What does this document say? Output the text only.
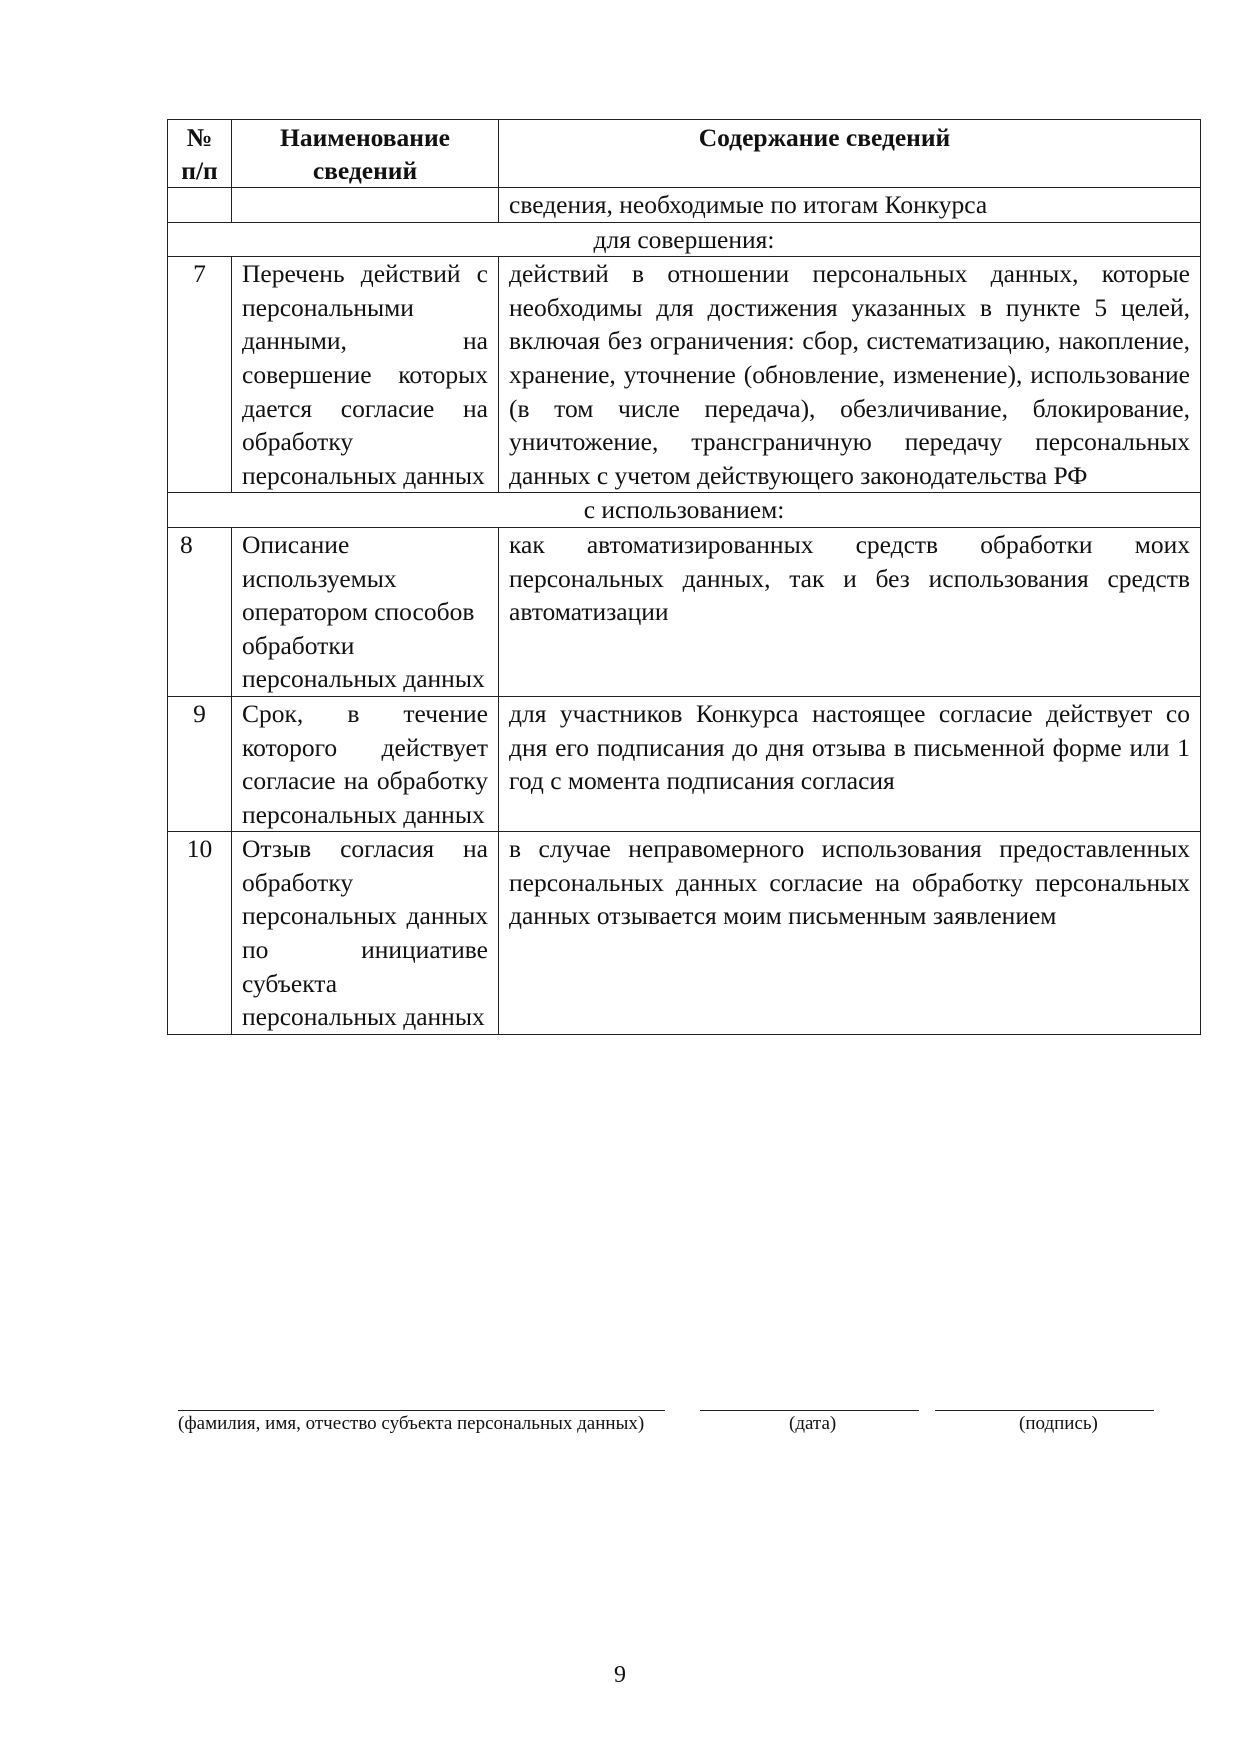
№ п/п	Наименование сведений	Содержание сведений
		сведения, необходимые по итогам Конкурса
для совершения:		
7	Перечень действий с персональными данными, на совершение которых дается согласие на обработку персональных данных	действий в отношении персональных данных, которые необходимы для достижения указанных в пункте 5 целей, включая без ограничения: сбор, систематизацию, накопление, хранение, уточнение (обновление, изменение), использование (в том числе передача), обезличивание, блокирование, уничтожение, трансграничную передачу персональных данных с учетом действующего законодательства РФ
с использованием:		
8	Описание используемых оператором способов обработки персональных данных	как автоматизированных средств обработки моих персональных данных, так и без использования средств автоматизации
9	Срок, в течение которого действует согласие на обработку персональных данных	для участников Конкурса настоящее согласие действует со дня его подписания до дня отзыва в письменной форме или 1 год с момента подписания согласия
10	Отзыв согласия на обработку персональных данных по инициативе субъекта персональных данных	в случае неправомерного использования предоставленных персональных данных согласие на обработку персональных данных отзывается моим письменным заявлением
(фамилия, имя, отчество субъекта персональных данных)	(дата)	(подпись)
9
